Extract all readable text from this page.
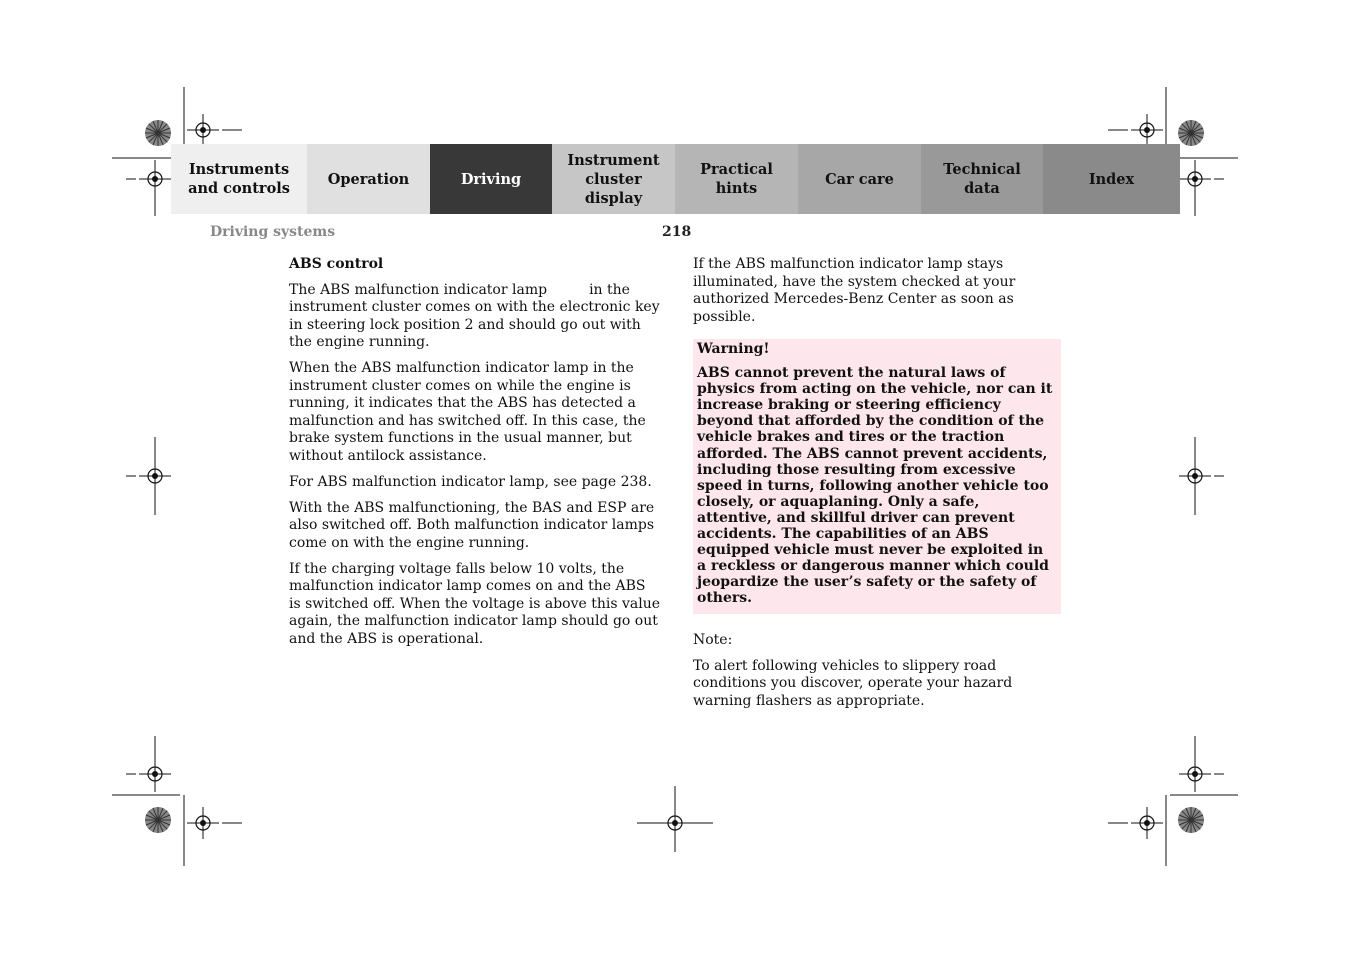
Instruments
and controls
Operation	Driving
Instrument
cluster display
Practical hints
Car care
Technical
data
Index
Driving systems	218
ABS control

The ABS malfunction indicator lamp	in the instrument cluster comes on with the electronic key in steering lock position 2 and should go out with the engine running.

When the ABS malfunction indicator lamp in the instrument cluster comes on while the engine is running, it indicates that the ABS has detected a malfunction and has switched off. In this case, the brake system functions in the usual manner, but without antilock assistance.

For ABS malfunction indicator lamp, see page 238.

With the ABS malfunctioning, the BAS and ESP are also switched off. Both malfunction indicator lamps come on with the engine running.

If the charging voltage falls below 10 volts, the malfunction indicator lamp comes on and the ABS is switched off. When the voltage is above this value again, the malfunction indicator lamp should go out and the ABS is operational.

If the ABS malfunction indicator lamp stays illuminated, have the system checked at your authorized Mercedes-Benz Center as soon as possible.

Warning!

ABS cannot prevent the natural laws of physics from acting on the vehicle, nor can it increase braking or steering efficiency beyond that afforded by the condition of the vehicle brakes and tires or the traction afforded. The ABS cannot prevent accidents, including those resulting from excessive speed in turns, following another vehicle too closely, or aquaplaning. Only a safe, attentive, and skillful driver can prevent accidents. The capabilities of an ABS equipped vehicle must never be exploited in a reckless or dangerous manner which could jeopardize the user’s safety or the safety of others.

Note:

To alert following vehicles to slippery road conditions you discover, operate your hazard warning flashers as appropriate.
